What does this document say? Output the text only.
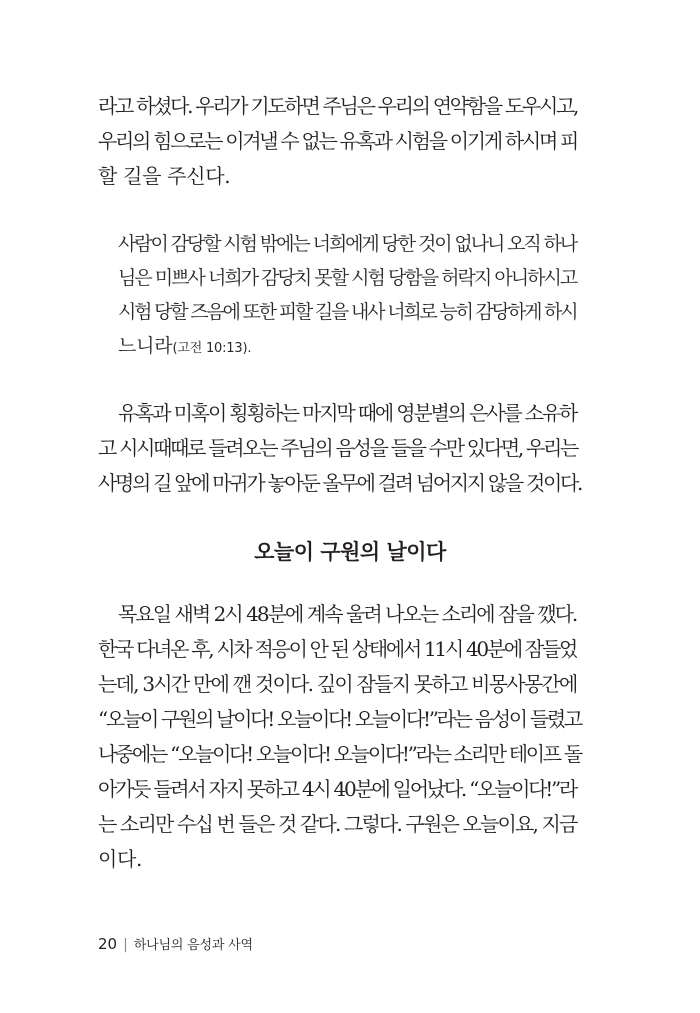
라고 하셨다. 우리가 기도하면 주님은 우리의 연약함을 도우시고,
우리의 힘으로는 이겨낼 수 없는 유혹과 시험을 이기게 하시며 피
할 길을 주신다.
사람이 감당할 시험 밖에는 너희에게 당한 것이 없나니 오직 하나
님은 미쁘사 너희가 감당치 못할 시험 당함을 허락지 아니하시고
시험 당할 즈음에 또한 피할 길을 내사 너희로 능히 감당하게 하시
느니라(고전 10:13).
유혹과 미혹이 횡횡하는 마지막 때에 영분별의 은사를 소유하
고 시시때때로 들려오는 주님의 음성을 들을 수만 있다면, 우리는
사명의 길 앞에 마귀가 놓아둔 올무에 걸려 넘어지지 않을 것이다.
오늘이 구원의 날이다
목요일 새벽 2시 48분에 계속 울려 나오는 소리에 잠을 깼다.
한국 다녀온 후, 시차 적응이 안 된 상태에서 11시 40분에 잠들었
는데, 3시간 만에 깬 것이다. 깊이 잠들지 못하고 비몽사몽간에
“오늘이 구원의 날이다! 오늘이다! 오늘이다!”라는 음성이 들렸고
나중에는 “오늘이다! 오늘이다! 오늘이다!”라는 소리만 테이프 돌
아가듯 들려서 자지 못하고 4시 40분에 일어났다. “오늘이다!”라
는 소리만 수십 번 들은 것 같다. 그렇다. 구원은 오늘이요, 지금
이다.
20 | 하나님의 음성과 사역
